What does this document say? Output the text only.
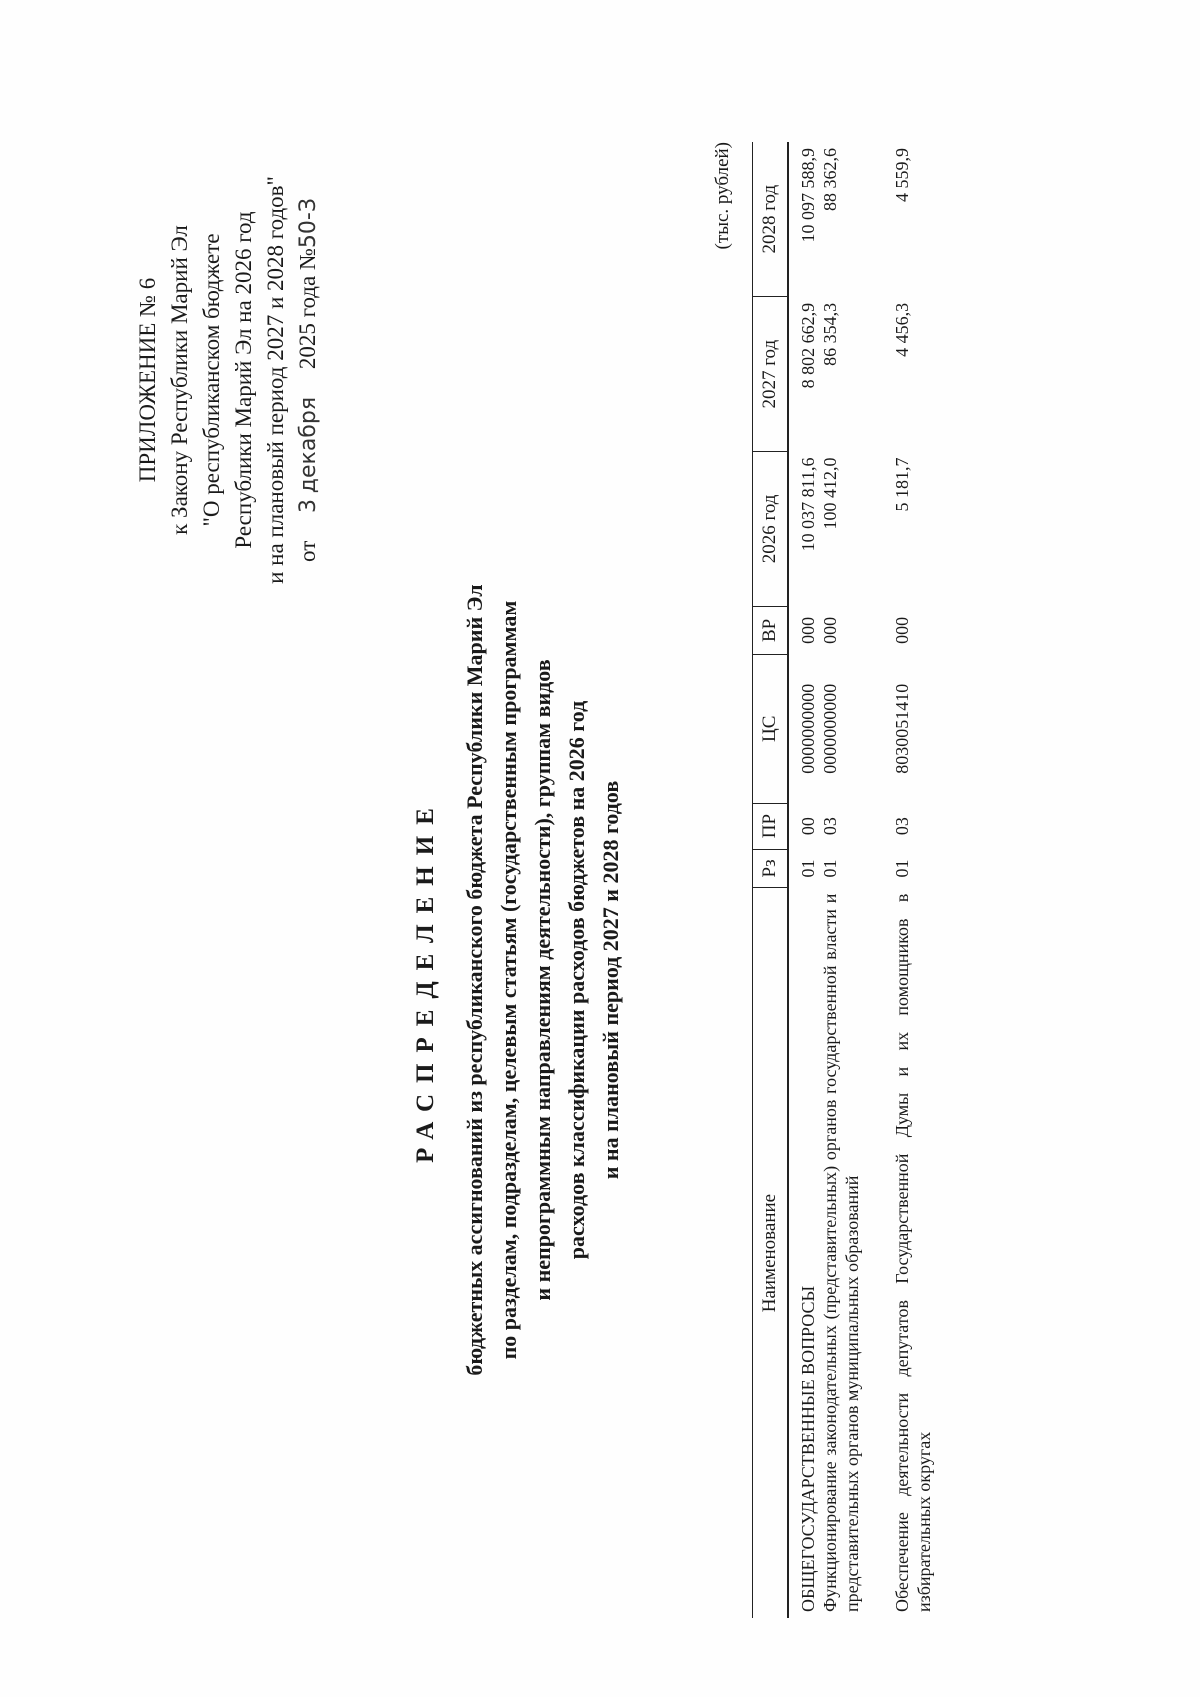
ПРИЛОЖЕНИЕ № 6 к Закону Республики Марий Эл "О республиканском бюджете Республики Марий Эл на 2026 год и на плановый период 2027 и 2028 годов" от 3 декабря 2025 года №50-З
РАСПРЕДЕЛЕНИЕ бюджетных ассигнований из республиканского бюджета Республики Марий Эл по разделам, подразделам, целевым статьям (государственным программам и непрограммным направлениям деятельности), группам видов расходов классификации расходов бюджетов на 2026 год и на плановый период 2027 и 2028 годов
(тыс. рублей)
Наименование	Рз	ПР	ЦС	ВР	2026 год	2027 год	2028 год
ОБЩЕГОСУДАРСТВЕННЫЕ ВОПРОСЫ	01	00	0000000000	000	10 037 811,6	8 802 662,9	10 097 588,9
Функционирование законодательных (представительных) органов государственной власти и представительных органов муниципальных образований	01	03	0000000000	000	100 412,0	86 354,3	88 362,6
Обеспечение деятельности депутатов Государственной Думы и их помощников в избирательных округах	01	03	8030051410	000	5 181,7	4 456,3	4 559,9
